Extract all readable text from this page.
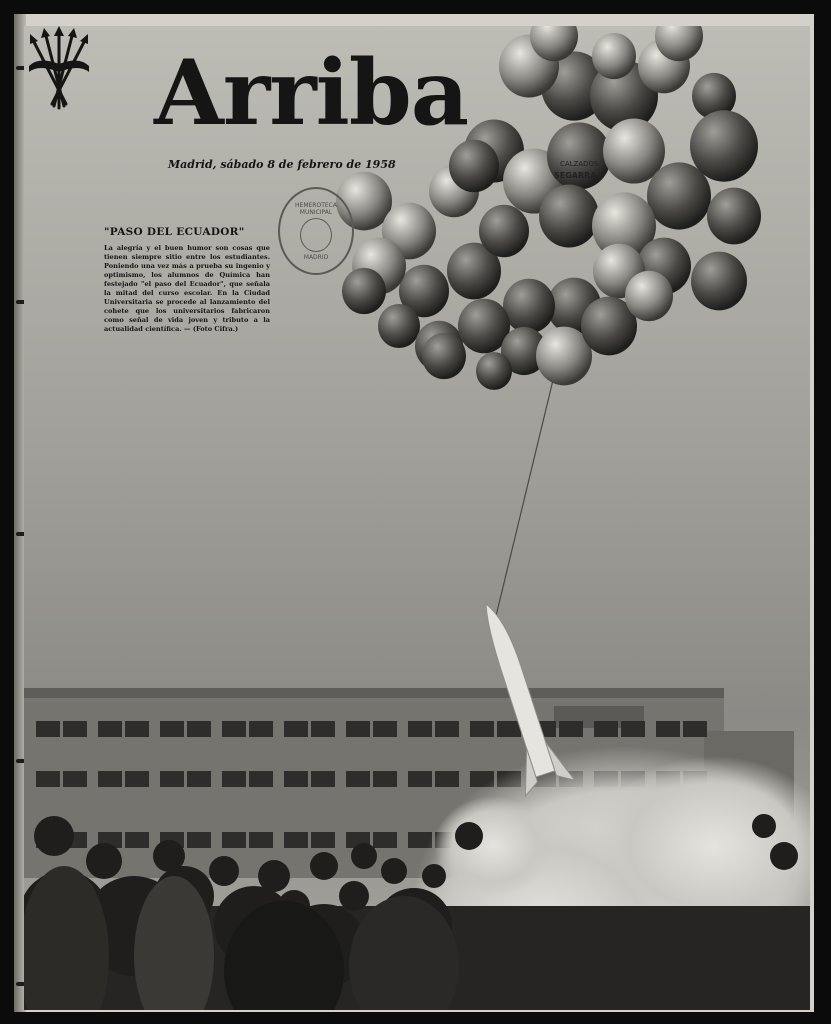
CALZADOS
SEGARRA
Arriba
Madrid, sábado 8 de febrero de 1958
HEMEROTECA MUNICIPAL
MADRID
"PASO DEL ECUADOR"

La alegría y el buen humor son cosas que tienen siempre sitio entre los estudiantes. Poniendo una vez más a prueba su ingenio y optimismo, los alumnos de Química han festejado "el paso del Ecuador", que señala la mitad del curso escolar. En la Ciudad Universitaria se procede al lanzamiento del cohete que los universitarios fabricaron como señal de vida joven y tributo a la actualidad científica. — (Foto Cifra.)
